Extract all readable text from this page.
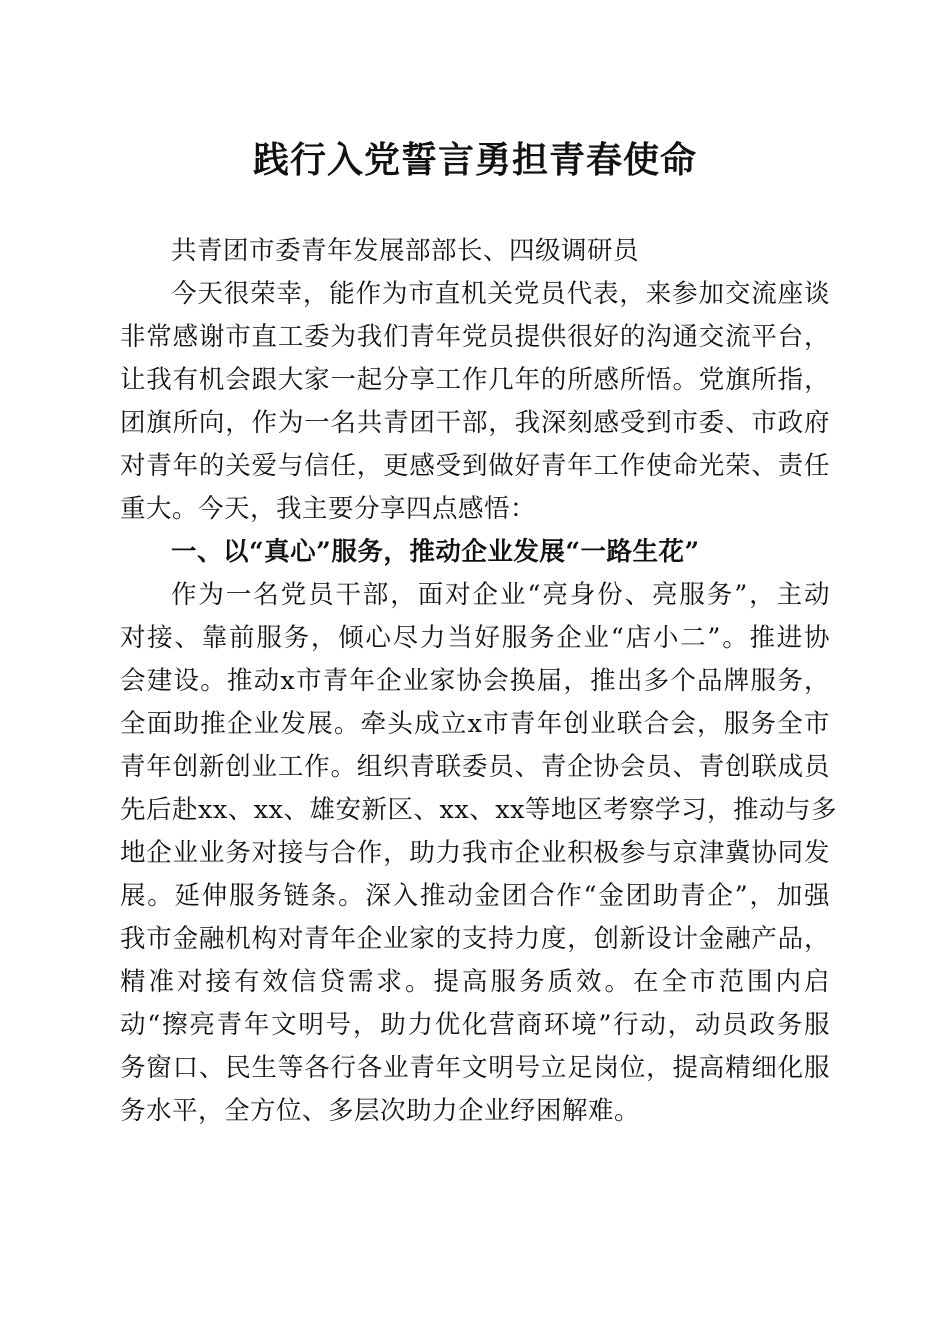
践行入党誓言勇担青春使命
共青团市委青年发展部部长、四级调研员
今天很荣幸，能作为市直机关党员代表，来参加交流座谈
非常感谢市直工委为我们青年党员提供很好的沟通交流平台，
让我有机会跟大家一起分享工作几年的所感所悟。党旗所指，
团旗所向，作为一名共青团干部，我深刻感受到市委、市政府
对青年的关爱与信任，更感受到做好青年工作使命光荣、责任
重大。今天，我主要分享四点感悟：
一、以“真心”服务，推动企业发展“一路生花”
作为一名党员干部，面对企业“亮身份、亮服务”，主动
对接、靠前服务，倾心尽力当好服务企业“店小二”。推进协
会建设。推动x市青年企业家协会换届，推出多个品牌服务，
全面助推企业发展。牵头成立x市青年创业联合会，服务全市
青年创新创业工作。组织青联委员、青企协会员、青创联成员
先后赴xx、xx、雄安新区、xx、xx等地区考察学习，推动与多
地企业业务对接与合作，助力我市企业积极参与京津冀协同发
展。延伸服务链条。深入推动金团合作“金团助青企”，加强
我市金融机构对青年企业家的支持力度，创新设计金融产品，
精准对接有效信贷需求。提高服务质效。在全市范围内启
动“擦亮青年文明号，助力优化营商环境”行动，动员政务服
务窗口、民生等各行各业青年文明号立足岗位，提高精细化服
务水平，全方位、多层次助力企业纾困解难。
